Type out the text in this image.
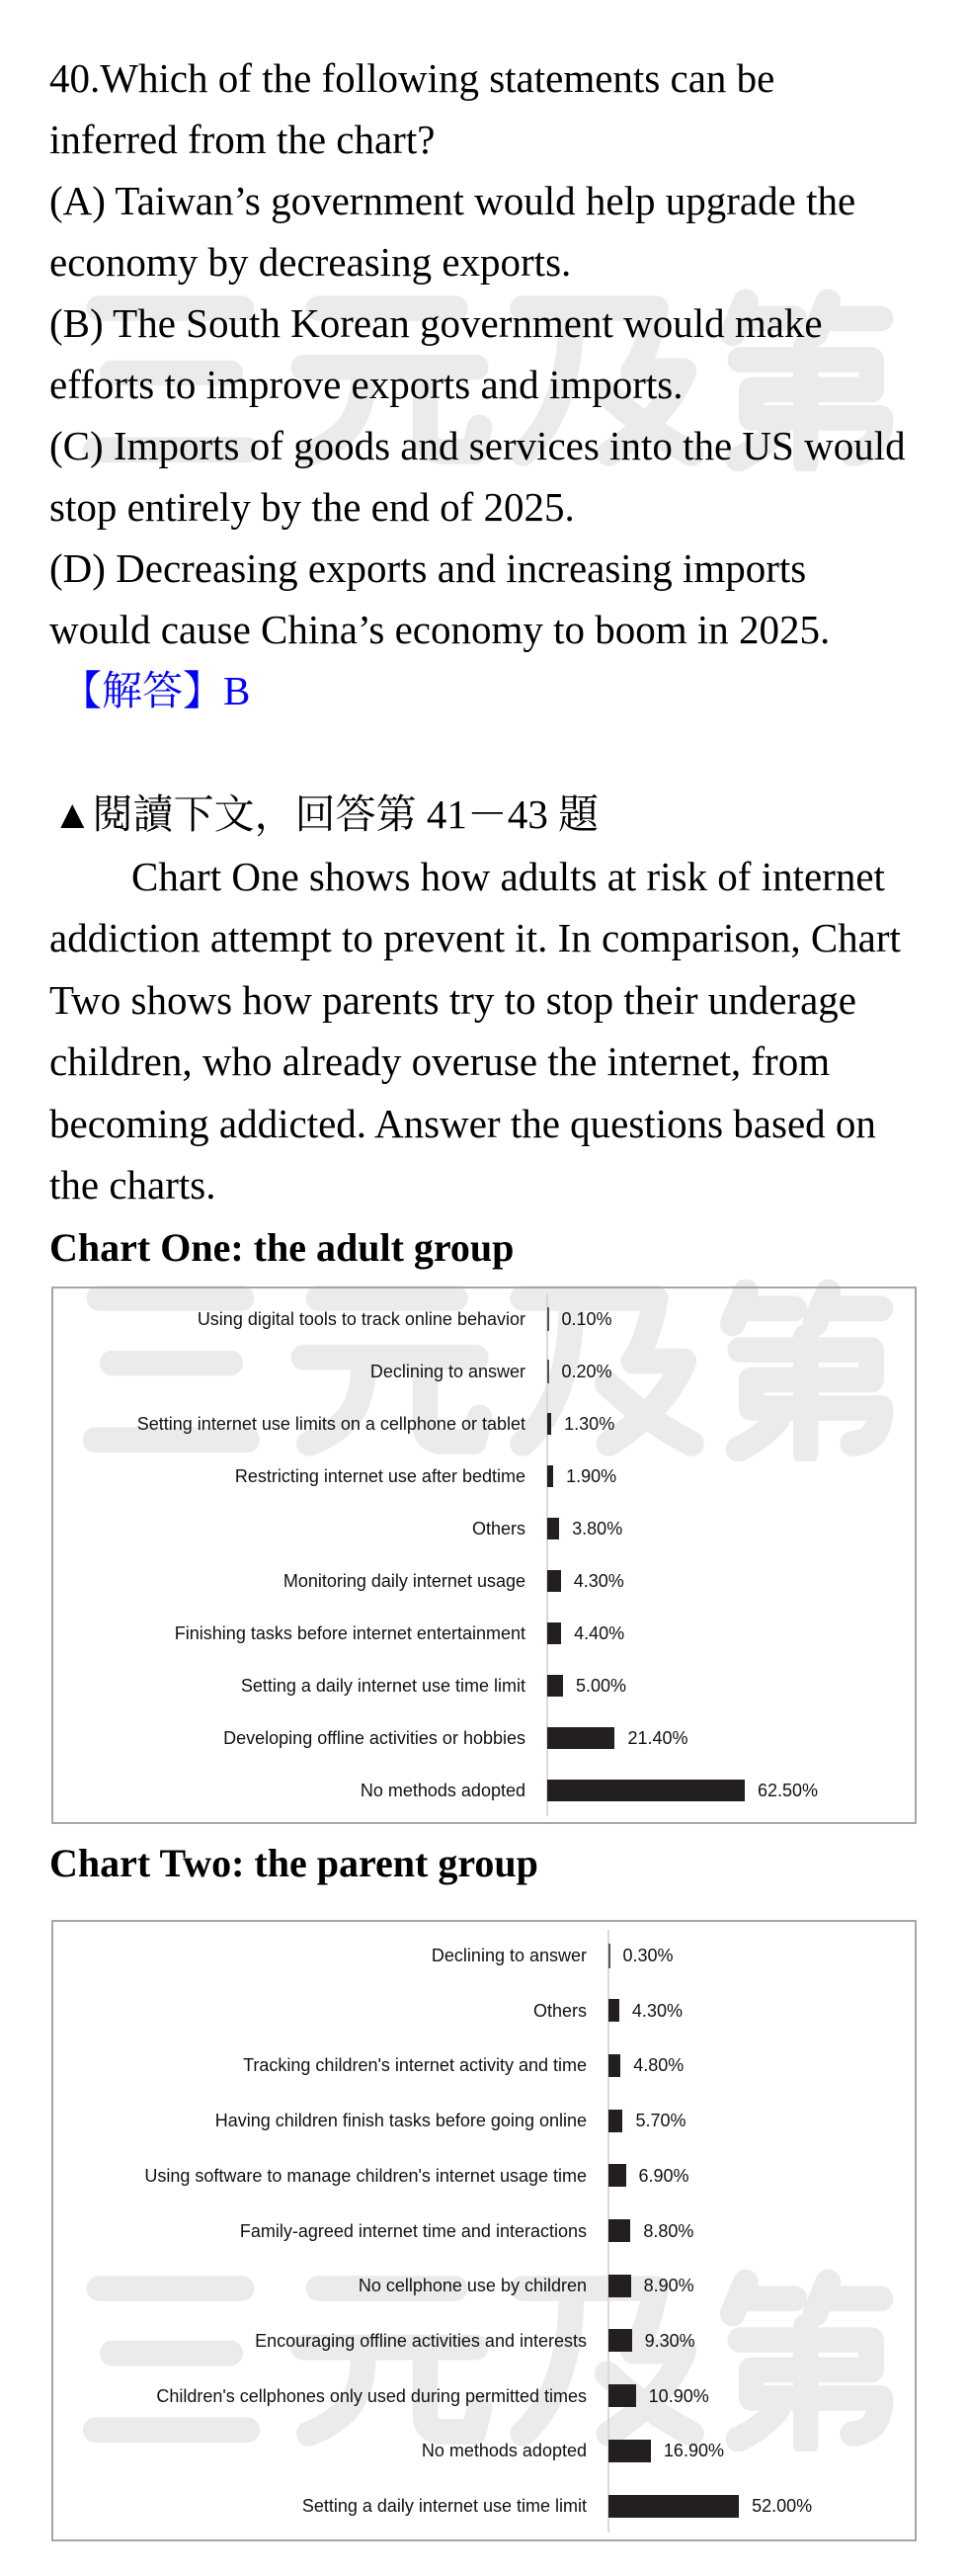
40.Which of the following statements can be
inferred from the chart?
(A) Taiwan’s government would help upgrade the
economy by decreasing exports.
(B) The South Korean government would make
efforts to improve exports and imports.
(C) Imports of goods and services into the US would
stop entirely by the end of 2025.
(D) Decreasing exports and increasing imports
would cause China’s economy to boom in 2025.
【解答】B
▲閱讀下文，回答第 41－43 題
Chart One shows how adults at risk of internet
addiction attempt to prevent it. In comparison, Chart
Two shows how parents try to stop their underage
children, who already overuse the internet, from
becoming addicted. Answer the questions based on
the charts.
Chart One: the adult group
Chart Two: the parent group
Using digital tools to track online behavior 0.10%
Declining to answer 0.20%
Setting internet use limits on a cellphone or tablet 1.30%
Restricting internet use after bedtime 1.90%
Others	3.80%
Monitoring daily internet usage	4.30%
Finishing tasks before internet entertainment	4.40%
Setting a daily internet use time limit	5.00%
Developing offline activities or hobbies	21.40%
No methods adopted	62.50%
Declining to answer 0.30%
Others	4.30%
Tracking children's internet activity and time	4.80%
Having children finish tasks before going online	5.70%
Using software to manage children's internet usage time	6.90%
Family-agreed internet time and interactions	8.80%
No cellphone use by children	8.90%
Encouraging offline activities and interests	9.30%
Children's cellphones only used during permitted times	10.90%
No methods adopted	16.90%
Setting a daily internet use time limit	52.00%
